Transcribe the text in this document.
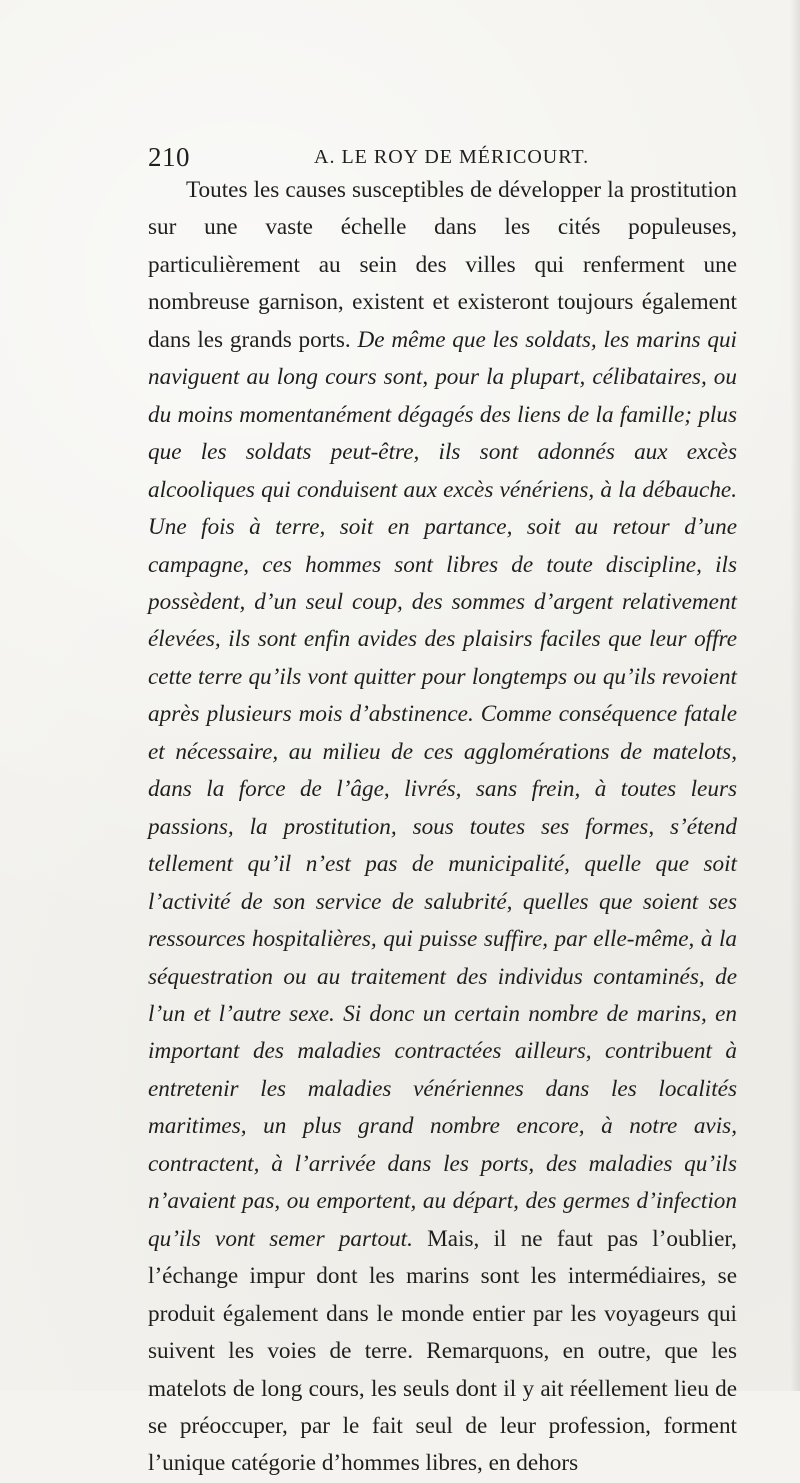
210	A. LE ROY DE MÉRICOURT.

Toutes les causes susceptibles de développer la prostitution sur une vaste échelle dans les cités populeuses, particulièrement au sein des villes qui renferment une nombreuse garnison, existent et existeront toujours également dans les grands ports. De même que les soldats, les marins qui naviguent au long cours sont, pour la plupart, célibataires, ou du moins momentanément dégagés des liens de la famille; plus que les soldats peut-être, ils sont adonnés aux excès alcooliques qui conduisent aux excès vénériens, à la débauche. Une fois à terre, soit en partance, soit au retour d’une campagne, ces hommes sont libres de toute discipline, ils possèdent, d’un seul coup, des sommes d’argent relativement élevées, ils sont enfin avides des plaisirs faciles que leur offre cette terre qu’ils vont quitter pour longtemps ou qu’ils revoient après plusieurs mois d’abstinence. Comme conséquence fatale et nécessaire, au milieu de ces agglomérations de matelots, dans la force de l’âge, livrés, sans frein, à toutes leurs passions, la prostitution, sous toutes ses formes, s’étend tellement qu’il n’est pas de municipalité, quelle que soit l’activité de son service de salubrité, quelles que soient ses ressources hospitalières, qui puisse suffire, par elle-même, à la séquestration ou au traitement des individus contaminés, de l’un et l’autre sexe. Si donc un certain nombre de marins, en important des maladies contractées ailleurs, contribuent à entretenir les maladies vénériennes dans les localités maritimes, un plus grand nombre encore, à notre avis, contractent, à l’arrivée dans les ports, des maladies qu’ils n’avaient pas, ou emportent, au départ, des germes d’infection qu’ils vont semer partout. Mais, il ne faut pas l’oublier, l’échange impur dont les marins sont les intermédiaires, se produit également dans le monde entier par les voyageurs qui suivent les voies de terre. Remarquons, en outre, que les matelots de long cours, les seuls dont il y ait réellement lieu de se préoccuper, par le fait seul de leur profession, forment l’unique catégorie d’hommes libres, en dehors
